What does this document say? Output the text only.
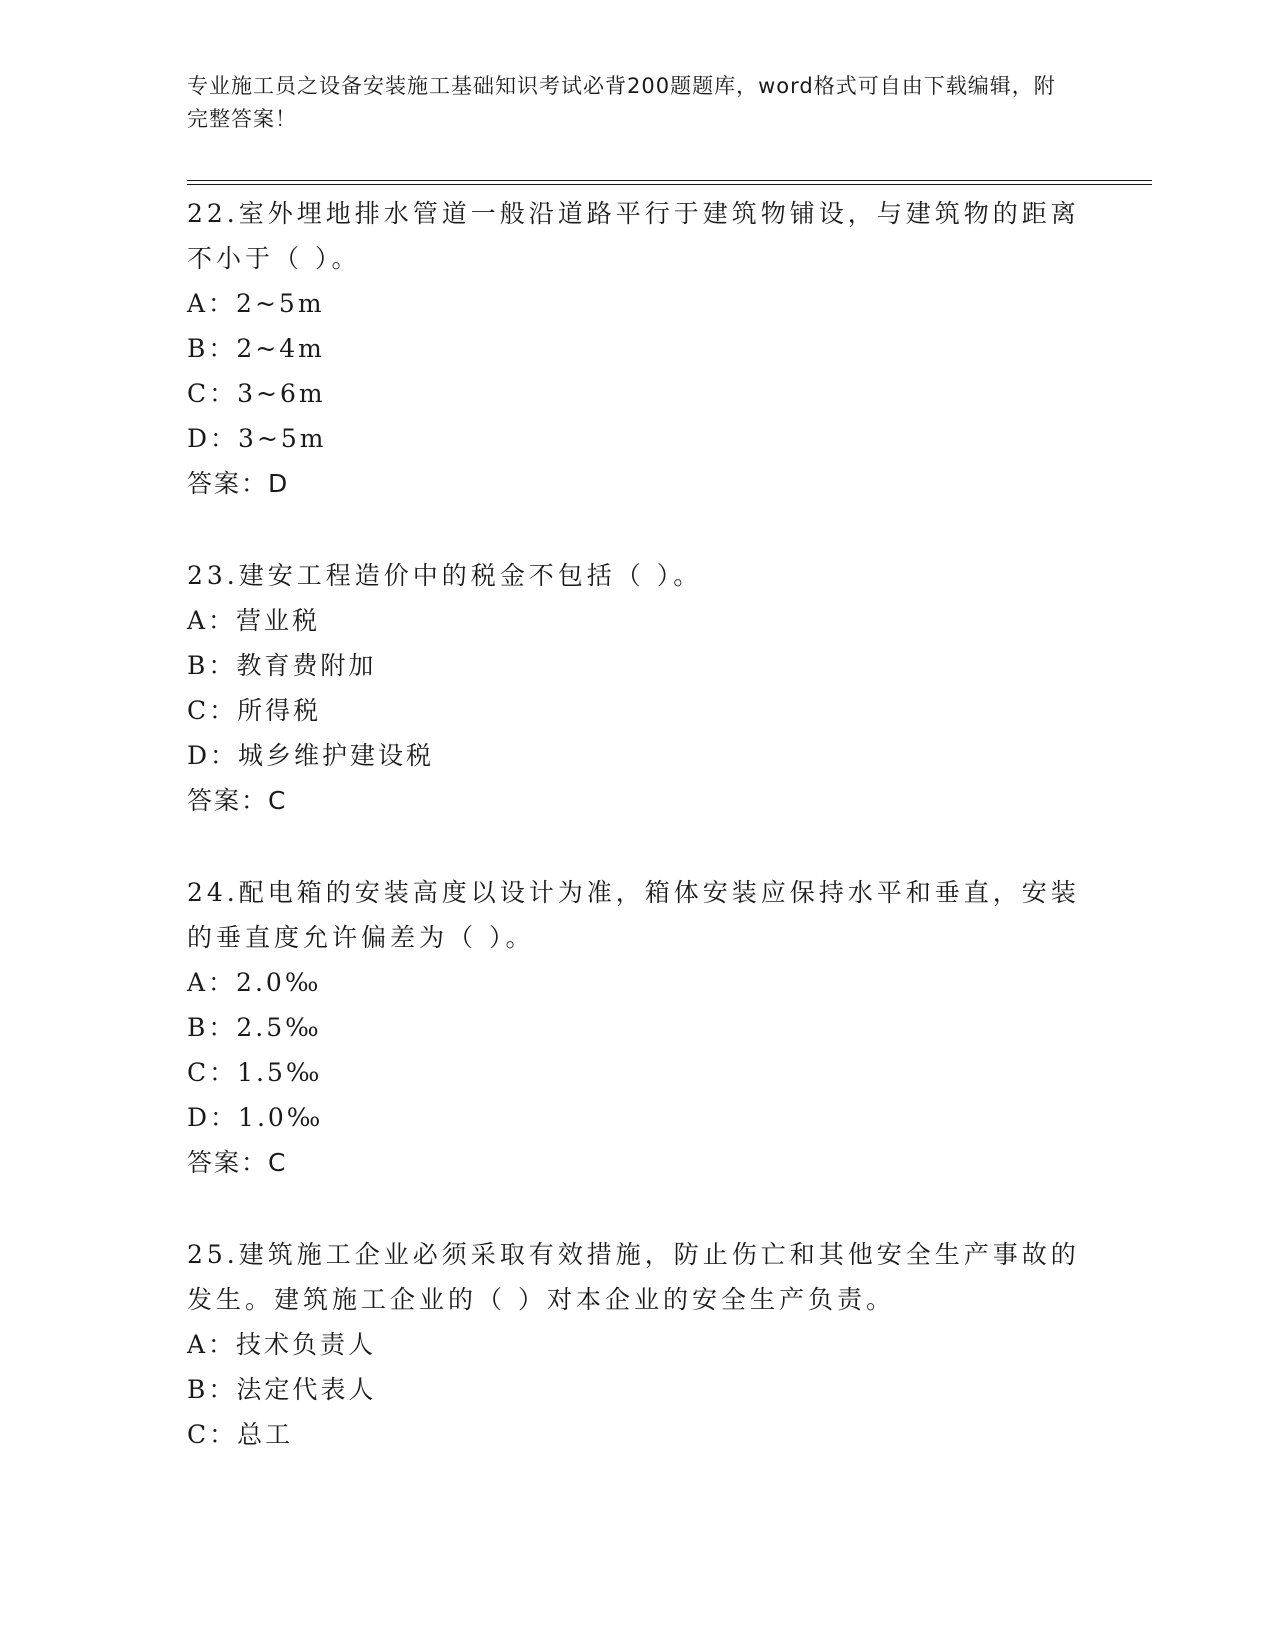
专业施工员之设备安装施工基础知识考试必背200题题库，word格式可自由下载编辑，附完整答案！

22.室外埋地排水管道一般沿道路平行于建筑物铺设，与建筑物的距离不小于（ ）。

A：2~5m

B：2~4m

C：3~6m

D：3~5m

答案：D

23.建安工程造价中的税金不包括（ ）。

A：营业税

B：教育费附加

C：所得税

D：城乡维护建设税

答案：C

24.配电箱的安装高度以设计为准，箱体安装应保持水平和垂直，安装的垂直度允许偏差为（ ）。

A：2.0‰

B：2.5‰

C：1.5‰

D：1.0‰

答案：C

25.建筑施工企业必须采取有效措施，防止伤亡和其他安全生产事故的发生。建筑施工企业的（ ）对本企业的安全生产负责。

A：技术负责人

B：法定代表人

C：总工
